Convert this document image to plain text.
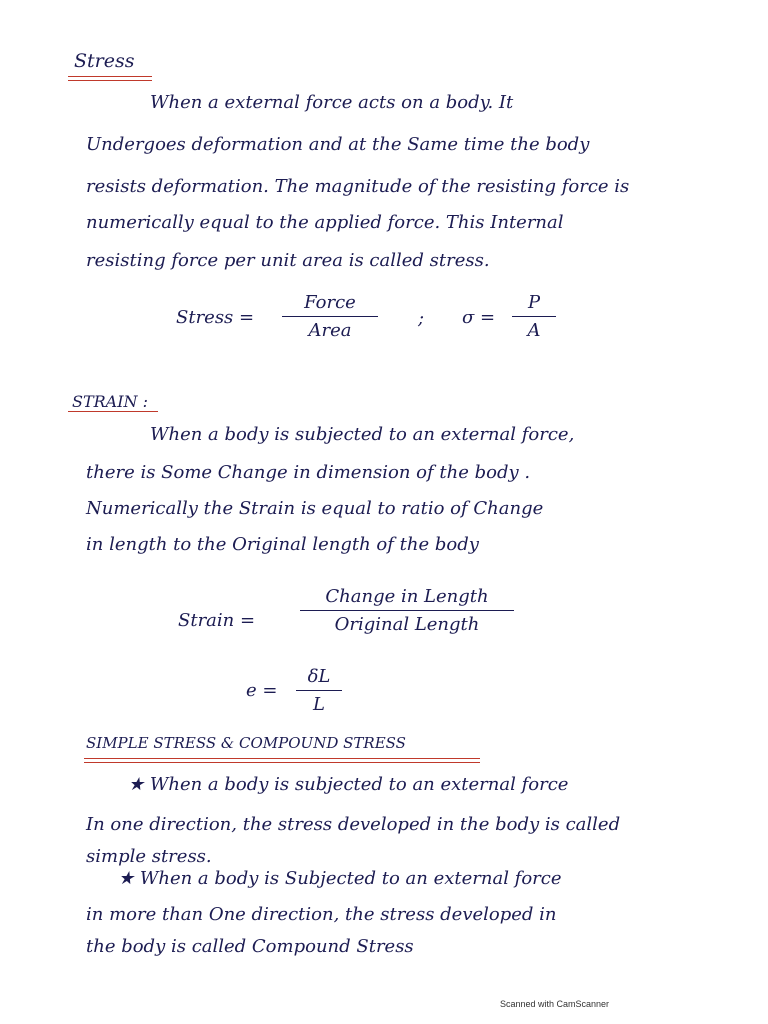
Stress
When a external force acts on a body. It
Undergoes deformation and at the Same time the body
resists deformation. The magnitude of the resisting force is
numerically equal to the applied force. This Internal
resisting force per unit area is called stress.
Stress =
Force
Area
; σ =
P
A
STRAIN :
When a body is subjected to an external force,
there is Some Change in dimension of the body .
Numerically the Strain is equal to ratio of Change
in length to the Original length of the body
Strain =
Change in Length
Original Length
e =
δL
L
SIMPLE STRESS & COMPOUND STRESS
★ When a body is subjected to an external force
In one direction, the stress developed in the body is called
simple stress.
★ When a body is Subjected to an external force
in more than One direction, the stress developed in
the body is called Compound Stress
Scanned with CamScanner
